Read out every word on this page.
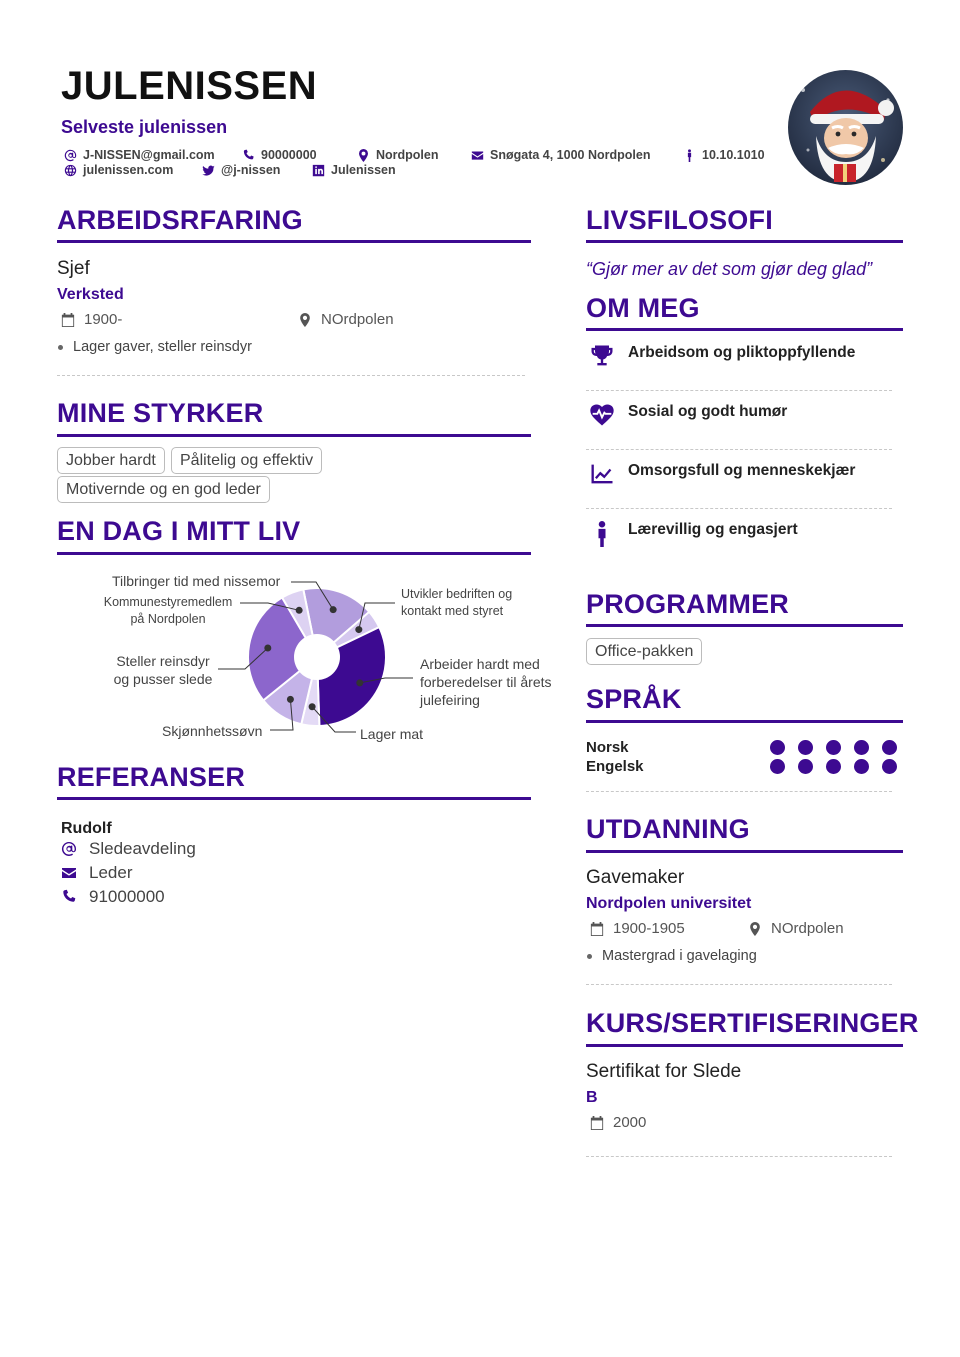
JULENISSEN
Selveste julenissen
J-NISSEN@gmail.com	90000000	Nordpolen	Snøgata 4, 1000 Nordpolen	10.10.1010
julenissen.com	@j-nissen	Julenissen
ARBEIDSRFARING
Sjef
Verksted
1900-	NOrdpolen
Lager gaver, steller reinsdyr
MINE STYRKER
Jobber hardt	Pålitelig og effektiv
Motivernde og en god leder
EN DAG I MITT LIV
Tilbringer tid med nissemor
Utvikler bedriften og kontakt med styret
Arbeider hardt med forberedelser til årets julefeiring
Lager mat
Skjønnhetssøvn
Steller reinsdyr og pusser slede
Kommunestyremedlem på Nordpolen
REFERANSER
Rudolf
Sledeavdeling
Leder
91000000
LIVSFILOSOFI
“Gjør mer av det som gjør deg glad”
OM MEG
Arbeidsom og pliktoppfyllende
Sosial og godt humør
Omsorgsfull og menneskekjær
Lærevillig og engasjert
PROGRAMMER
Office-pakken
SPRÅK
Norsk
Engelsk
UTDANNING
Gavemaker
Nordpolen universitet
1900-1905	NOrdpolen
Mastergrad i gavelaging
KURS/SERTIFISERINGER
Sertifikat for Slede
B
2000
